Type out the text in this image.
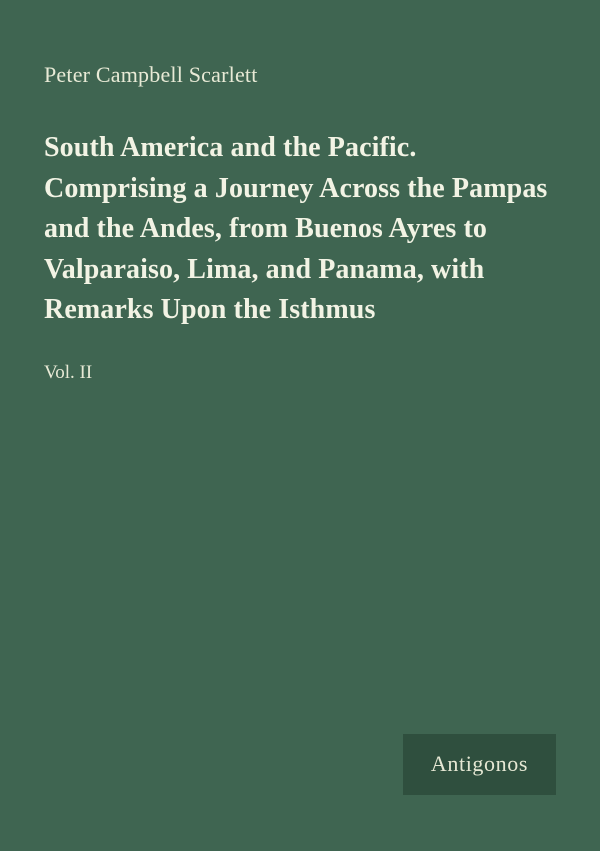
Peter Campbell Scarlett
South America and the Pacific. Comprising a Journey Across the Pampas and the Andes, from Buenos Ayres to Valparaiso, Lima, and Panama, with Remarks Upon the Isthmus
Vol. II
Antigonos
